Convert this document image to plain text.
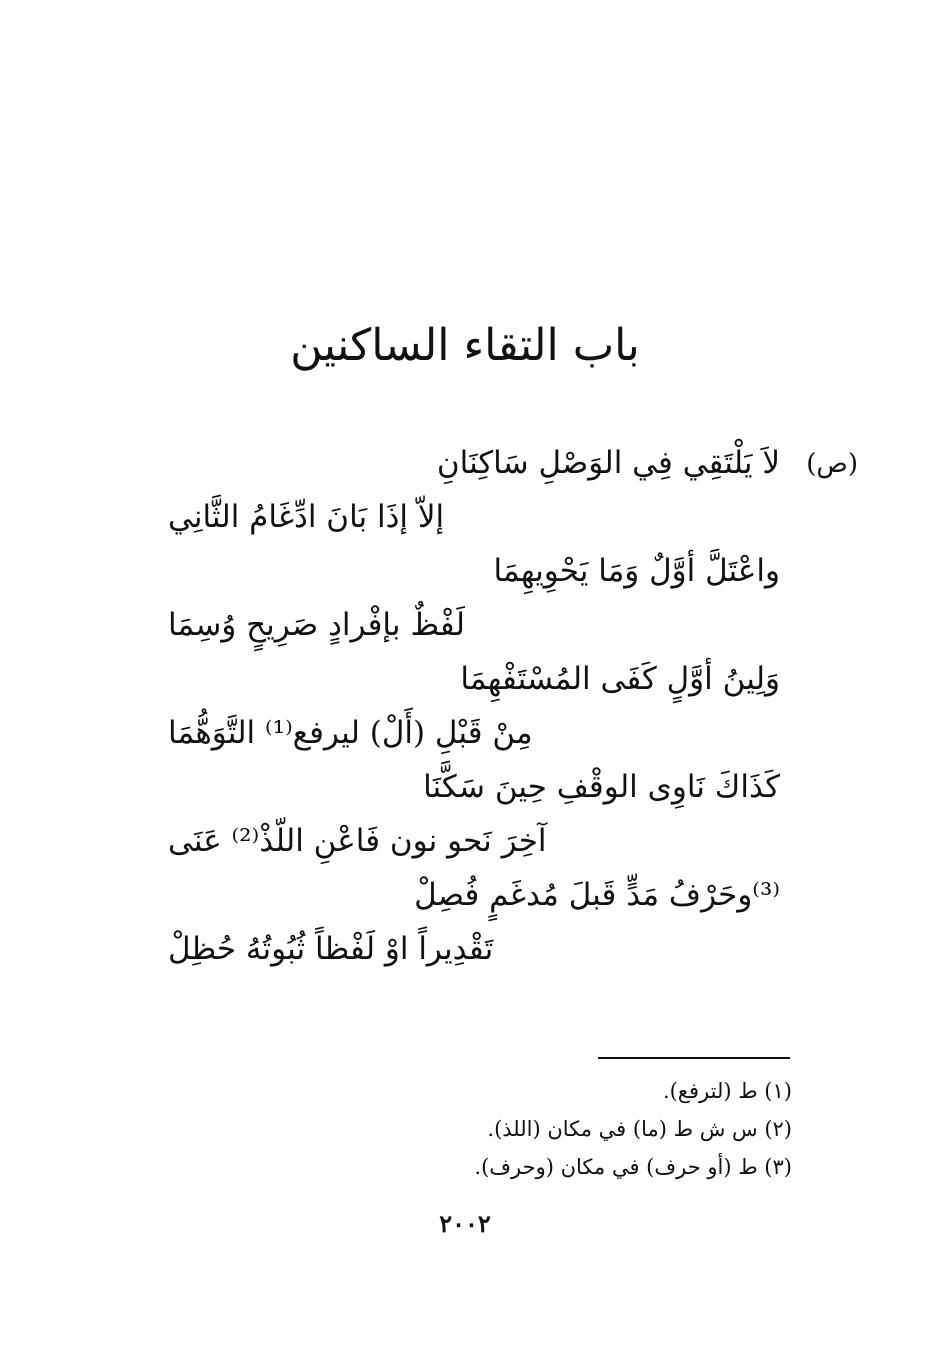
باب التقاء الساكنين
(ص)
لاَ يَلْتَقِي فِي الوَصْلِ سَاكِنَانِ
إلاّ إذَا بَانَ ادِّغَامُ الثَّانِي
واعْتَلَّ أوَّلٌ وَمَا يَحْوِيهِمَا
لَفْظٌ بإفْرادٍ صَرِيحٍ وُسِمَا
وَلِينُ أوَّلٍ كَفَى المُسْتَفْهِمَا
مِنْ قَبْلِ (أَلْ) ليرفع⁽¹⁾ التَّوَهُّمَا
كَذَاكَ نَاوِى الوقْفِ حِينَ سَكَّنَا
آخِرَ نَحو نون فَاعْنِ اللّذْ⁽²⁾ عَنَى
⁽³⁾وحَرْفُ مَدٍّ قَبلَ مُدغَمٍ فُصِلْ
تَقْدِيراً اوْ لَفْظاً ثُبُوتُهُ حُظِلْ
(١) ط (لترفع).
(٢) س ش ط (ما) في مكان (اللذ).
(٣) ط (أو حرف) في مكان (وحرف).
٢٠٠٢
